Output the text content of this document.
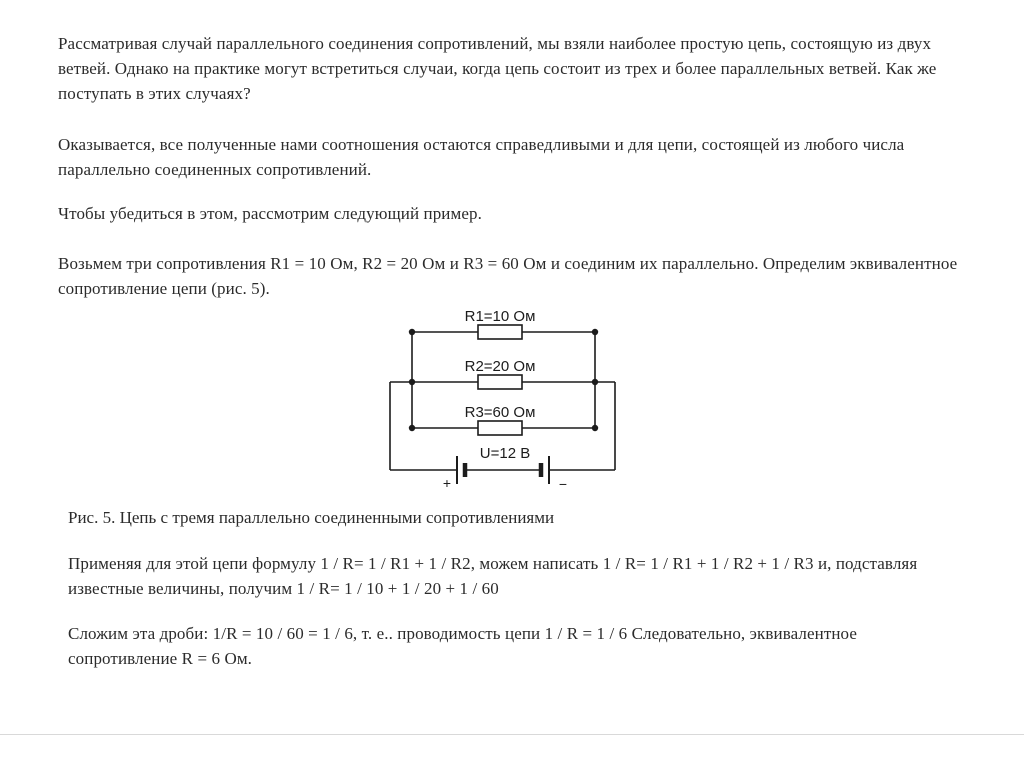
Рассматривая случай параллельного соединения сопротивлений, мы взяли наиболее простую цепь, состоящую из двух ветвей. Однако на практике могут встретиться случаи, когда цепь состоит из трех и более параллельных ветвей. Как же поступать в этих случаях?
Оказывается, все полученные нами соотношения остаются справедливыми и для цепи, состоящей из любого числа параллельно соединенных сопротивлений.
Чтобы убедиться в этом, рассмотрим следующий пример.
Возьмем три сопротивления R1 = 10 Ом, R2 = 20 Ом и R3 = 60 Ом и соединим их параллельно. Определим эквивалентное сопротивление цепи (рис. 5).
R1=10 Ом
R2=20 Ом
R3=60 Ом
U=12 В
+	−
Рис. 5. Цепь с тремя параллельно соединенными сопротивлениями
Применяя для этой цепи формулу 1 / R= 1 / R1 + 1 / R2, можем написать 1 / R= 1 / R1 + 1 / R2 + 1 / R3 и, подставляя известные величины, получим 1 / R= 1 / 10 + 1 / 20 + 1 / 60
Сложим эта дроби: 1/R = 10 / 60 = 1 / 6, т. е.. проводимость цепи 1 / R = 1 / 6 Следовательно, эквивалентное сопротивление R = 6 Ом.
